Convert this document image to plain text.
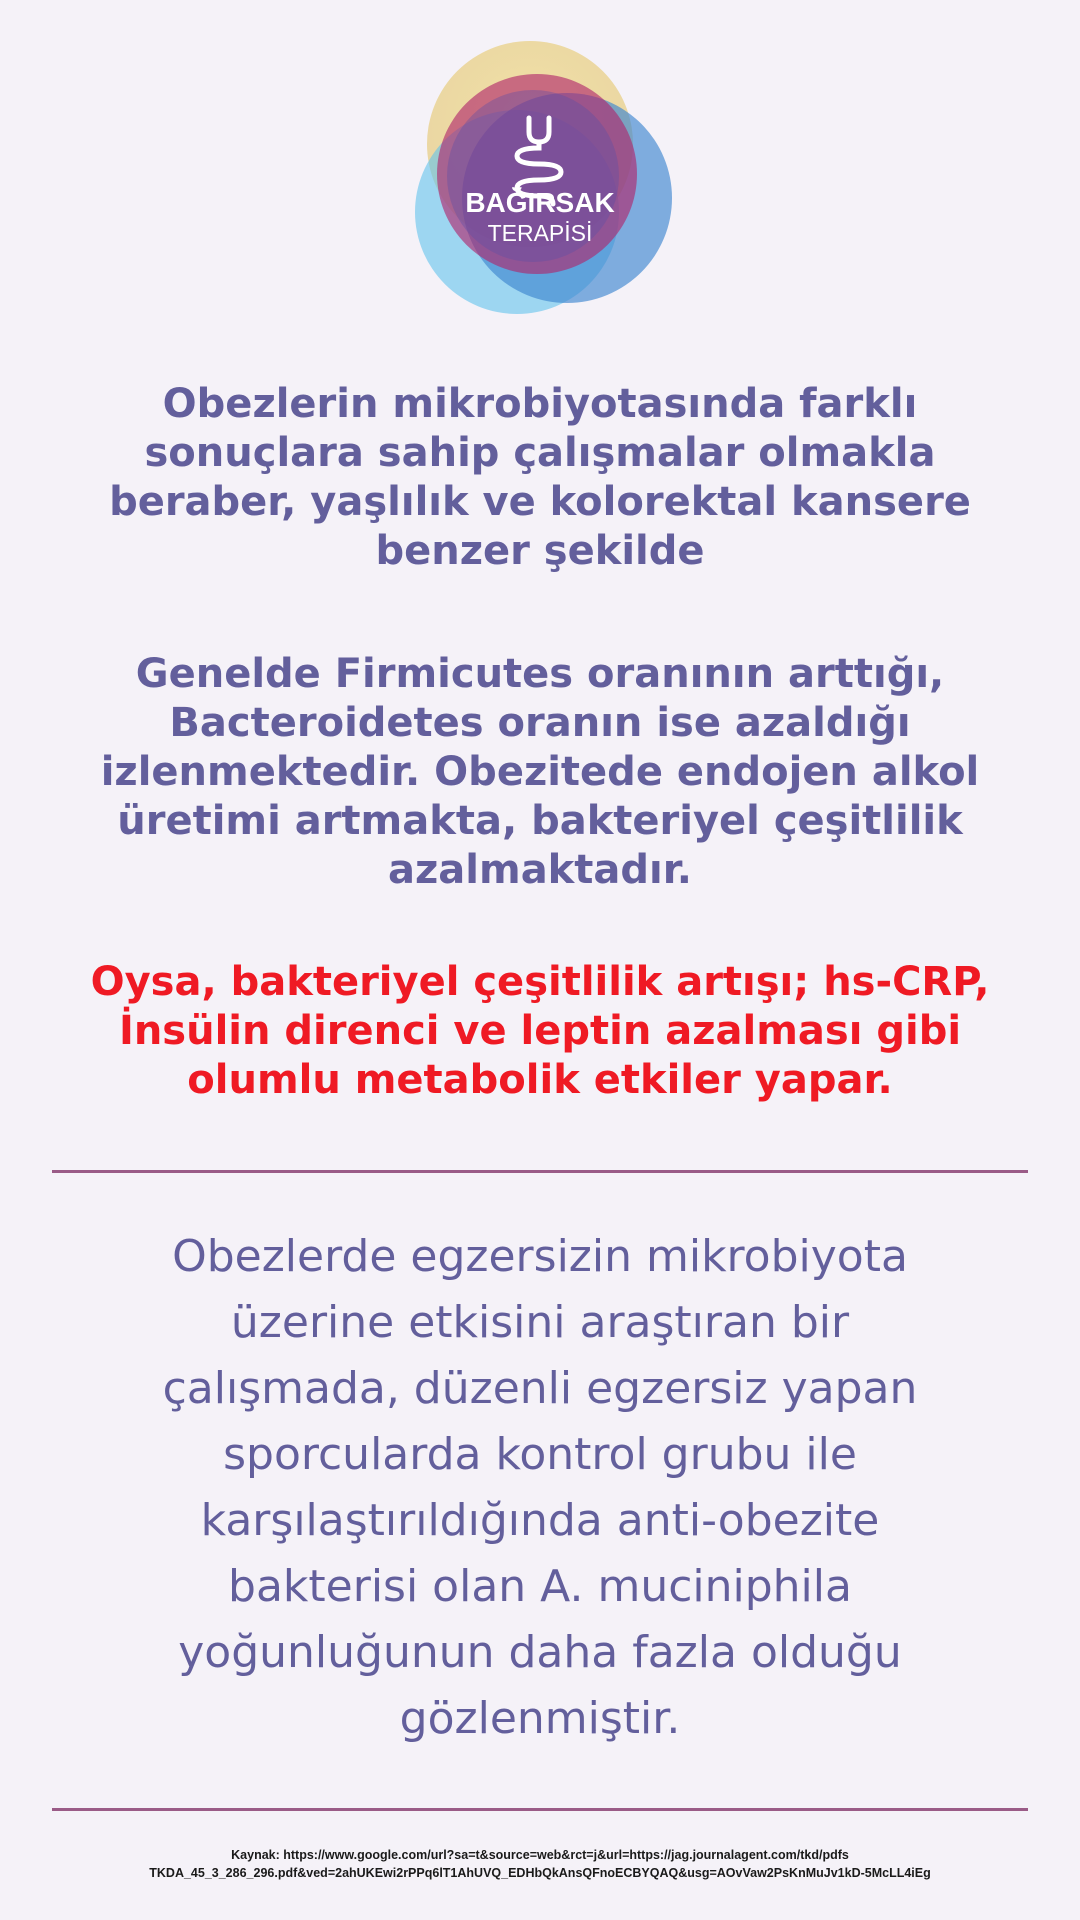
BAĞIRSAK
TERAPİSİ

Obezlerin mikrobiyotasında farklı sonuçlara sahip çalışmalar olmakla beraber, yaşlılık ve kolorektal kansere benzer şekilde

Genelde Firmicutes oranının arttığı, Bacteroidetes oranın ise azaldığı izlenmektedir. Obezitede endojen alkol üretimi artmakta, bakteriyel çeşitlilik azalmaktadır.

Oysa, bakteriyel çeşitlilik artışı; hs-CRP, İnsülin direnci ve leptin azalması gibi olumlu metabolik etkiler yapar.

Obezlerde egzersizin mikrobiyota üzerine etkisini araştıran bir çalışmada, düzenli egzersiz yapan sporcularda kontrol grubu ile karşılaştırıldığında anti-obezite bakterisi olan A. muciniphila yoğunluğunun daha fazla olduğu gözlenmiştir.

Kaynak: https://www.google.com/url?sa=t&source=web&rct=j&url=https://jag.journalagent.com/tkd/pdfs
TKDA_45_3_286_296.pdf&ved=2ahUKEwi2rPPq6lT1AhUVQ_EDHbQkAnsQFnoECBYQAQ&usg=AOvVaw2PsKnMuJv1kD-5McLL4iEg
